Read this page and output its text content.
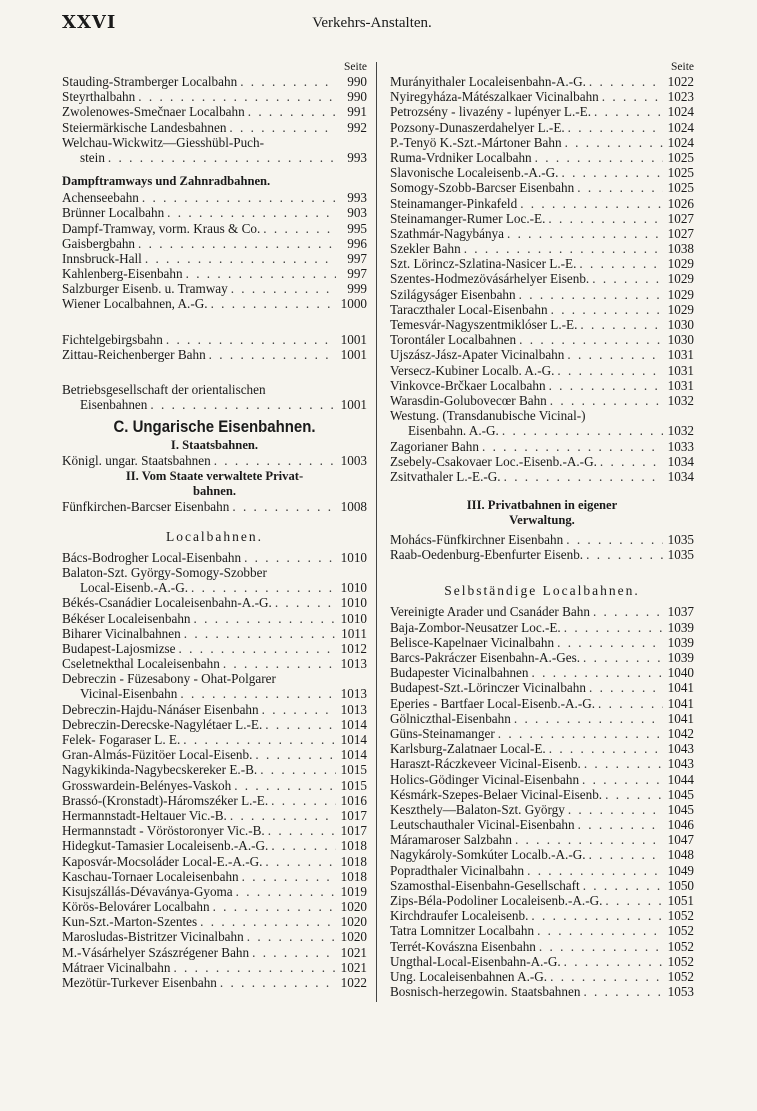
XXVI	Verkehrs-Anstalten.
Seite
Stauding-Stramberger Localbahn . . .	990
Steyrthalbahn . . .	990
Zwolenowes-Smečnaer Localbahn . . .	991
Steiermärkische Landesbahnen . . .	992
Welchau-Wickwitz—Giesshübl-Puch-
stein . . .	993
Dampftramways und Zahnradbahnen.
Achenseebahn . . .	993
Brünner Localbahn . . .	903
Dampf-Tramway, vorm. Kraus & Co. . . .	995
Gaisbergbahn . . .	996
Innsbruck-Hall . . .	997
Kahlenberg-Eisenbahn . . .	997
Salzburger Eisenb. u. Tramway . . .	999
Wiener Localbahnen, A.-G. . . .	1000
Fichtelgebirgsbahn . . .	1001
Zittau-Reichenberger Bahn . . .	1001
Betriebsgesellschaft der orientalischen
Eisenbahnen . . .	1001
C. Ungarische Eisenbahnen.
I. Staatsbahnen.
Königl. ungar. Staatsbahnen . . .	1003
II. Vom Staate verwaltete Privat-
bahnen.
Fünfkirchen-Barcser Eisenbahn . . .	1008
Localbahnen.
Bács-Bodrogher Local-Eisenbahn . . .	1010
Balaton-Szt. György-Somogy-Szobber
Local-Eisenb.-A.-G. . . .	1010
Békés-Csanádier Localeisenbahn-A.-G. . . .	1010
Békéser Localeisenbahn . . .	1010
Biharer Vicinalbahnen . . .	1011
Budapest-Lajosmizse . . .	1012
Cseletnekthal Localeisenbahn . . .	1013
Debreczin - Füzesabony - Ohat-Polgarer
Vicinal-Eisenbahn . . .	1013
Debreczin-Hajdu-Nánáser Eisenbahn . . .	1013
Debreczin-Derecske-Nagylétaer L.-E. . . .	1014
Felek- Fogaraser L. E. . . .	1014
Gran-Almás-Füzitöer Local-Eisenb. . . .	1014
Nagykikinda-Nagybecskereker E.-B. . . .	1015
Grosswardein-Belényes-Vaskoh . . .	1015
Brassó-(Kronstadt)-Háromszéker L.-E. . . .	1016
Hermannstadt-Heltauer Vic.-B. . . .	1017
Hermannstadt - Vöröstoronyer Vic.-B. . . .	1017
Hidegkut-Tamasier Localeisenb.-A.-G. . . .	1018
Kaposvár-Mocsoláder Local-E.-A.-G. . . .	1018
Kaschau-Tornaer Localeisenbahn . . .	1018
Kisujszállás-Dévaványa-Gyoma . . .	1019
Körös-Belovárer Localbahn . . .	1020
Kun-Szt.-Marton-Szentes . . .	1020
Marosludas-Bistritzer Vicinalbahn . . .	1020
M.-Vásárhelyer Szászrégener Bahn . . .	1021
Mátraer Vicinalbahn . . .	1021
Mezötür-Turkever Eisenbahn . . .	1022
Seite
Murányithaler Localeisenbahn-A.-G. . . .	1022
Nyiregyháza-Mátészalkaer Vicinalbahn . . .	1023
Petrozsény - livazény - lupényer L.-E. . . .	1024
Pozsony-Dunaszerdahelyer L.-E. . . .	1024
P.-Tenyö K.-Szt.-Mártoner Bahn . . .	1024
Ruma-Vrdniker Localbahn . . .	1025
Slavonische Localeisenb.-A.-G. . . .	1025
Somogy-Szobb-Barcser Eisenbahn . . .	1025
Steinamanger-Pinkafeld . . .	1026
Steinamanger-Rumer Loc.-E. . . .	1027
Szathmár-Nagybánya . . .	1027
Szekler Bahn . . .	1038
Szt. Lörincz-Szlatina-Nasicer L.-E. . . .	1029
Szentes-Hodmezövásárhelyer Eisenb. . . .	1029
Szilágyságer Eisenbahn . . .	1029
Taraczthaler Local-Eisenbahn . . .	1029
Temesvár-Nagyszentmiklóser L.-E. . . .	1030
Torontáler Localbahnen . . .	1030
Ujszász-Jász-Apater Vicinalbahn . . .	1031
Versecz-Kubiner Localb. A.-G. . . .	1031
Vinkovce-Brčkaer Localbahn . . .	1031
Warasdin-Golubovecœr Bahn . . .	1032
Westung. (Transdanubische Vicinal-)
Eisenbahn. A.-G. . . .	1032
Zagorianer Bahn . . .	1033
Zsebely-Csakovaer Loc.-Eisenb.-A.-G. . . .	1034
Zsitvathaler L.-E.-G. . . .	1034
III. Privatbahnen in eigener
Verwaltung.
Mohács-Fünfkirchner Eisenbahn . . .	1035
Raab-Oedenburg-Ebenfurter Eisenb. . . .	1035
Selbständige Localbahnen.
Vereinigte Arader und Csanáder Bahn . . .	1037
Baja-Zombor-Neusatzer Loc.-E. . . .	1039
Belisce-Kapelnaer Vicinalbahn . . .	1039
Barcs-Pakráczer Eisenbahn-A.-Ges. . . .	1039
Budapester Vicinalbahnen . . .	1040
Budapest-Szt.-Lörinczer Vicinalbahn . . .	1041
Eperies - Bartfaer Local-Eisenb.-A.-G. . . .	1041
Gölniczthal-Eisenbahn . . .	1041
Güns-Steinamanger . . .	1042
Karlsburg-Zalatnaer Local-E. . . .	1043
Haraszt-Ráczkeveer Vicinal-Eisenb. . . .	1043
Holics-Gödinger Vicinal-Eisenbahn . . .	1044
Késmárk-Szepes-Belaer Vicinal-Eisenb. . . .	1045
Keszthely—Balaton-Szt. György . . .	1045
Leutschauthaler Vicinal-Eisenbahn . . .	1046
Máramaroser Salzbahn . . .	1047
Nagykároly-Somkúter Localb.-A.-G. . . .	1048
Popradthaler Vicinalbahn . . .	1049
Szamosthal-Eisenbahn-Gesellschaft . . .	1050
Zips-Béla-Podoliner Localeisenb.-A.-G. . . .	1051
Kirchdraufer Localeisenb. . . .	1052
Tatra Lomnitzer Localbahn . . .	1052
Terrét-Kovászna Eisenbahn . . .	1052
Ungthal-Local-Eisenbahn-A.-G. . . .	1052
Ung. Localeisenbahnen A.-G. . . .	1052
Bosnisch-herzegowin. Staatsbahnen . . .	1053
